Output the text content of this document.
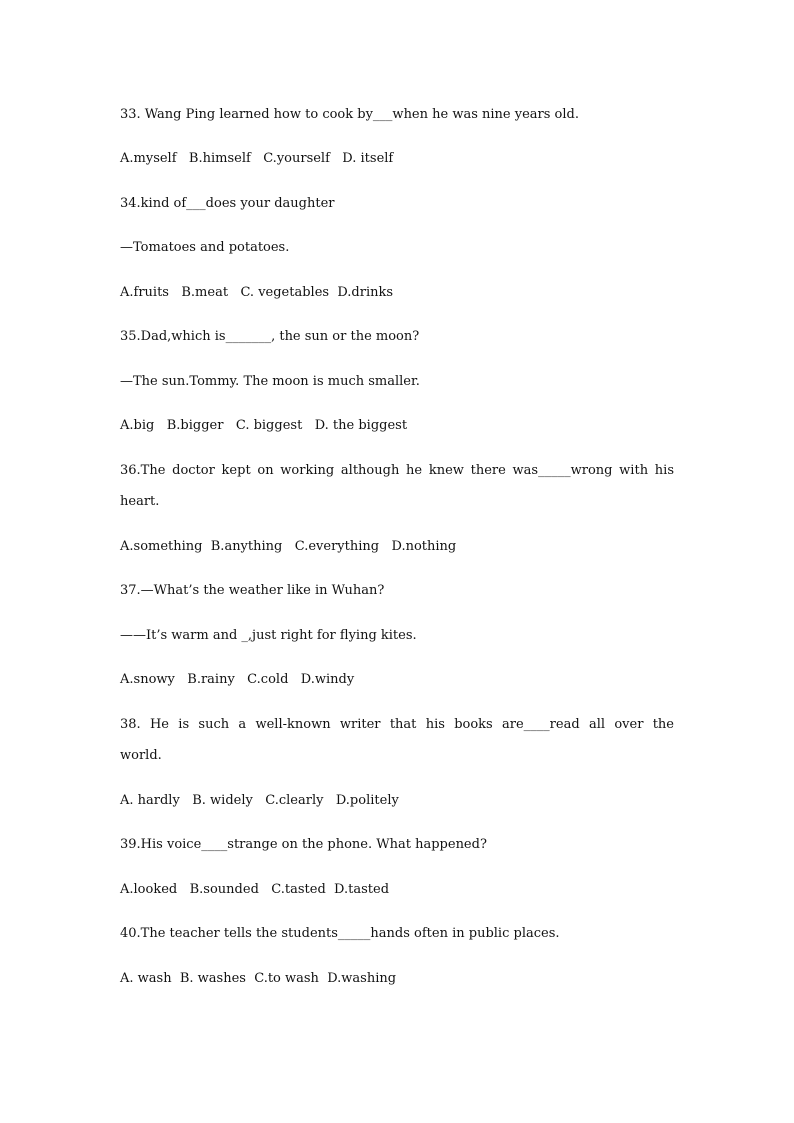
33. Wang Ping learned how to cook by___when he was nine years old.
A.myself   B.himself   C.yourself   D. itself
34.kind of___does your daughter
—Tomatoes and potatoes.
A.fruits   B.meat   C. vegetables  D.drinks
35.Dad,which is_______, the sun or the moon?
—The sun.Tommy. The moon is much smaller.
A.big   B.bigger   C. biggest   D. the biggest
36.The doctor kept on working although he knew there was_____wrong with his
heart.
A.something  B.anything   C.everything   D.nothing
37.—What’s the weather like in Wuhan?
——It’s warm and _,just right for flying kites.
A.snowy   B.rainy   C.cold   D.windy
38. He is such a well-known writer that his books are____read all over the
world.
A. hardly   B. widely   C.clearly   D.politely
39.His voice____strange on the phone. What happened?
A.looked   B.sounded   C.tasted  D.tasted
40.The teacher tells the students_____hands often in public places.
A. wash  B. washes  C.to wash  D.washing
